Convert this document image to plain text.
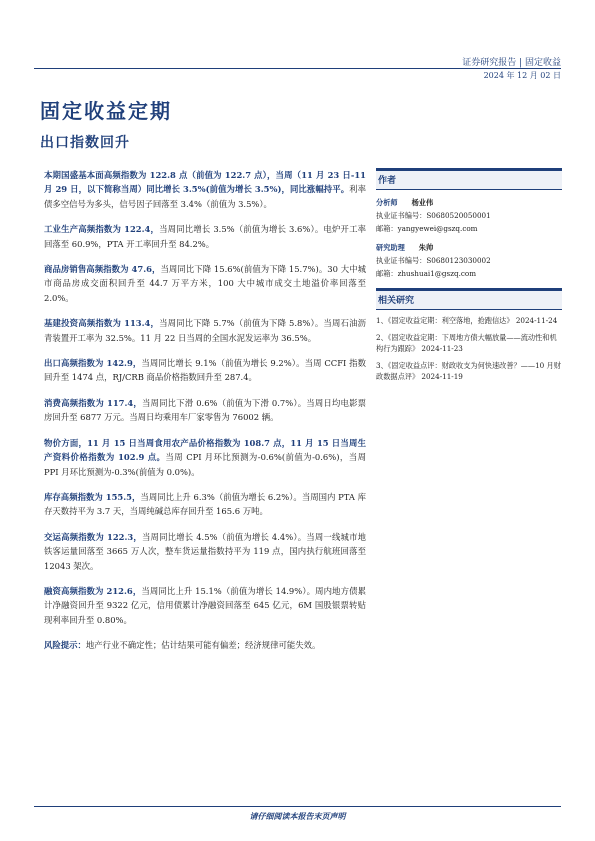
证券研究报告 | 固定收益
2024 年 12 月 02 日
固定收益定期
出口指数回升

本期国盛基本面高频指数为 122.8 点（前值为 122.7 点），当周（11 月 23 日-11 月 29 日，以下简称当周）同比增长 3.5%(前值为增长 3.5%)，同比涨幅持平。利率债多空信号为多头，信号因子回落至 3.4%（前值为 3.5%）。

工业生产高频指数为 122.4，当周同比增长 3.5%（前值为增长 3.6%）。电炉开工率回落至 60.9%，PTA 开工率回升至 84.2%。

商品房销售高频指数为 47.6，当周同比下降 15.6%(前值为下降 15.7%)。30 大中城市商品房成交面积回升至 44.7 万平方米，100 大中城市成交土地溢价率回落至 2.0%。

基建投资高频指数为 113.4，当周同比下降 5.7%（前值为下降 5.8%）。当周石油沥青装置开工率为 32.5%。11 月 22 日当周的全国水泥发运率为 36.5%。

出口高频指数为 142.9，当周同比增长 9.1%（前值为增长 9.2%）。当周 CCFI 指数回升至 1474 点，RJ/CRB 商品价格指数回升至 287.4。

消费高频指数为 117.4，当周同比下滑 0.6%（前值为下滑 0.7%）。当周日均电影票房回升至 6877 万元。当周日均乘用车厂家零售为 76002 辆。

物价方面，11 月 15 日当周食用农产品价格指数为 108.7 点，11 月 15 日当周生产资料价格指数为 102.9 点。当周 CPI 月环比预测为-0.6%(前值为-0.6%)，当周 PPI 月环比预测为-0.3%(前值为 0.0%)。

库存高频指数为 155.5，当周同比上升 6.3%（前值为增长 6.2%）。当周国内 PTA 库存天数持平为 3.7 天，当周纯碱总库存回升至 165.6 万吨。

交运高频指数为 122.3，当周同比增长 4.5%（前值为增长 4.4%）。当周一线城市地铁客运量回落至 3665 万人次，整车货运量指数持平为 119 点，国内执行航班回落至 12043 架次。

融资高频指数为 212.6，当周同比上升 15.1%（前值为增长 14.9%）。周内地方债累计净融资回升至 9322 亿元，信用债累计净融资回落至 645 亿元，6M 国股银票转贴现利率回升至 0.80%。

风险提示：地产行业不确定性；估计结果可能有偏差；经济规律可能失效。

作者
分析师 杨业伟
执业证书编号：S0680520050001
邮箱：yangyewei@gszq.com
研究助理 朱帅
执业证书编号：S0680123030002
邮箱：zhushuai1@gszq.com
相关研究
1、《固定收益定期：利空落地，抢跑信达》 2024-11-24
2、《固定收益定期：下周地方债大幅放量——流动性和机构行为跟踪》 2024-11-23
3、《固定收益点评：财政收支为何快速改善？——10 月财政数据点评》 2024-11-19
请仔细阅读本报告末页声明
